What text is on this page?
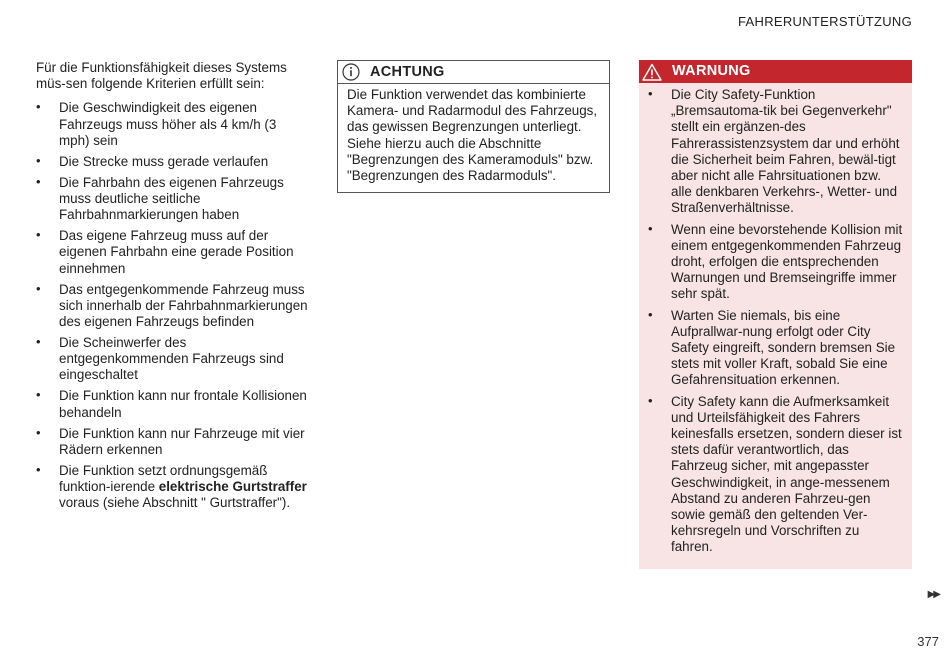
FAHRERUNTERSTÜTZUNG

Für die Funktionsfähigkeit dieses Systems müs-sen folgende Kriterien erfüllt sein:

• Die Geschwindigkeit des eigenen Fahrzeugs muss höher als 4 km/h (3 mph) sein
• Die Strecke muss gerade verlaufen
• Die Fahrbahn des eigenen Fahrzeugs muss deutliche seitliche Fahrbahnmarkierungen haben
• Das eigene Fahrzeug muss auf der eigenen Fahrbahn eine gerade Position einnehmen
• Das entgegenkommende Fahrzeug muss sich innerhalb der Fahrbahnmarkierungen des eigenen Fahrzeugs befinden
• Die Scheinwerfer des entgegenkommenden Fahrzeugs sind eingeschaltet
• Die Funktion kann nur frontale Kollisionen behandeln
• Die Funktion kann nur Fahrzeuge mit vier Rädern erkennen
• Die Funktion setzt ordnungsgemäß funktion-ierende elektrische Gurtstraffer voraus (siehe Abschnitt " Gurtstraffer").
ACHTUNG
Die Funktion verwendet das kombinierte Kamera- und Radarmodul des Fahrzeugs, das gewissen Begrenzungen unterliegt. Siehe hierzu auch die Abschnitte "Begrenzungen des Kameramoduls" bzw. "Begrenzungen des Radarmoduls".
WARNUNG
• Die City Safety-Funktion „Bremsautoma-tik bei Gegenverkehr" stellt ein ergänzen-des Fahrerassistenzsystem dar und erhöht die Sicherheit beim Fahren, bewäl-tigt aber nicht alle Fahrsituationen bzw. alle denkbaren Verkehrs-, Wetter- und Straßenverhältnisse.
• Wenn eine bevorstehende Kollision mit einem entgegenkommenden Fahrzeug droht, erfolgen die entsprechenden Warnungen und Bremseingriffe immer sehr spät.
• Warten Sie niemals, bis eine Aufprallwar-nung erfolgt oder City Safety eingreift, sondern bremsen Sie stets mit voller Kraft, sobald Sie eine Gefahrensituation erkennen.
• City Safety kann die Aufmerksamkeit und Urteilsfähigkeit des Fahrers keinesfalls ersetzen, sondern dieser ist stets dafür verantwortlich, das Fahrzeug sicher, mit angepasster Geschwindigkeit, in ange-messenem Abstand zu anderen Fahrzeu-gen sowie gemäß den geltenden Ver-kehrsregeln und Vorschriften zu fahren.
▶▶
377
